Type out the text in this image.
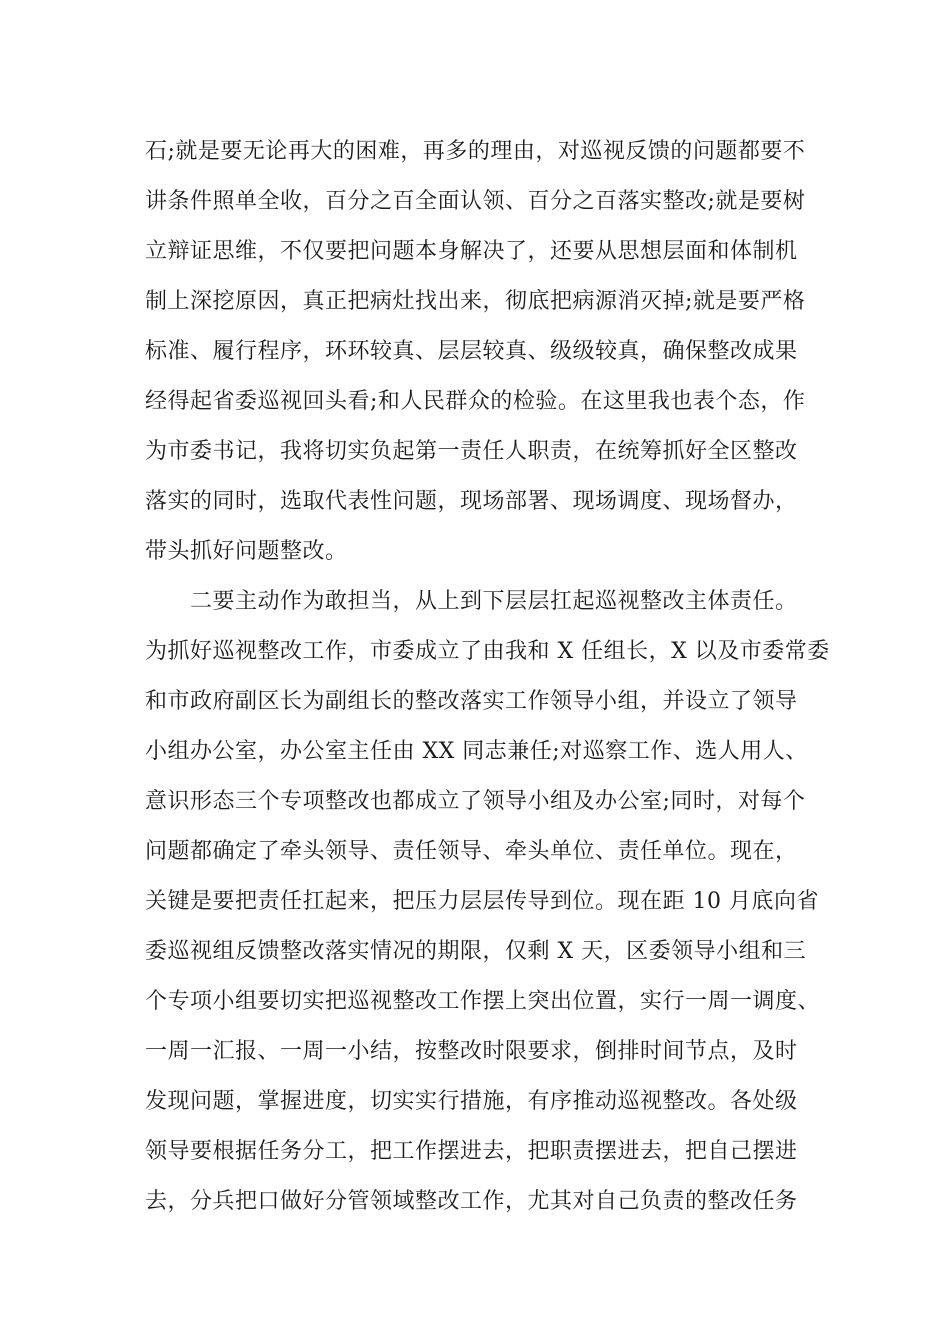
石;就是要无论再大的困难，再多的理由，对巡视反馈的问题都要不
讲条件照单全收，百分之百全面认领、百分之百落实整改;就是要树
立辩证思维，不仅要把问题本身解决了，还要从思想层面和体制机
制上深挖原因，真正把病灶找出来，彻底把病源消灭掉;就是要严格
标准、履行程序，环环较真、层层较真、级级较真，确保整改成果
经得起省委巡视回头看;和人民群众的检验。在这里我也表个态，作
为市委书记，我将切实负起第一责任人职责，在统筹抓好全区整改
落实的同时，选取代表性问题，现场部署、现场调度、现场督办，
带头抓好问题整改。
二要主动作为敢担当，从上到下层层扛起巡视整改主体责任。
为抓好巡视整改工作，市委成立了由我和 X 任组长，X 以及市委常委
和市政府副区长为副组长的整改落实工作领导小组，并设立了领导
小组办公室，办公室主任由 XX 同志兼任;对巡察工作、选人用人、
意识形态三个专项整改也都成立了领导小组及办公室;同时，对每个
问题都确定了牵头领导、责任领导、牵头单位、责任单位。现在，
关键是要把责任扛起来，把压力层层传导到位。现在距 10 月底向省
委巡视组反馈整改落实情况的期限，仅剩 X 天，区委领导小组和三
个专项小组要切实把巡视整改工作摆上突出位置，实行一周一调度、
一周一汇报、一周一小结，按整改时限要求，倒排时间节点，及时
发现问题，掌握进度，切实实行措施，有序推动巡视整改。各处级
领导要根据任务分工，把工作摆进去，把职责摆进去，把自己摆进
去，分兵把口做好分管领域整改工作，尤其对自己负责的整改任务
